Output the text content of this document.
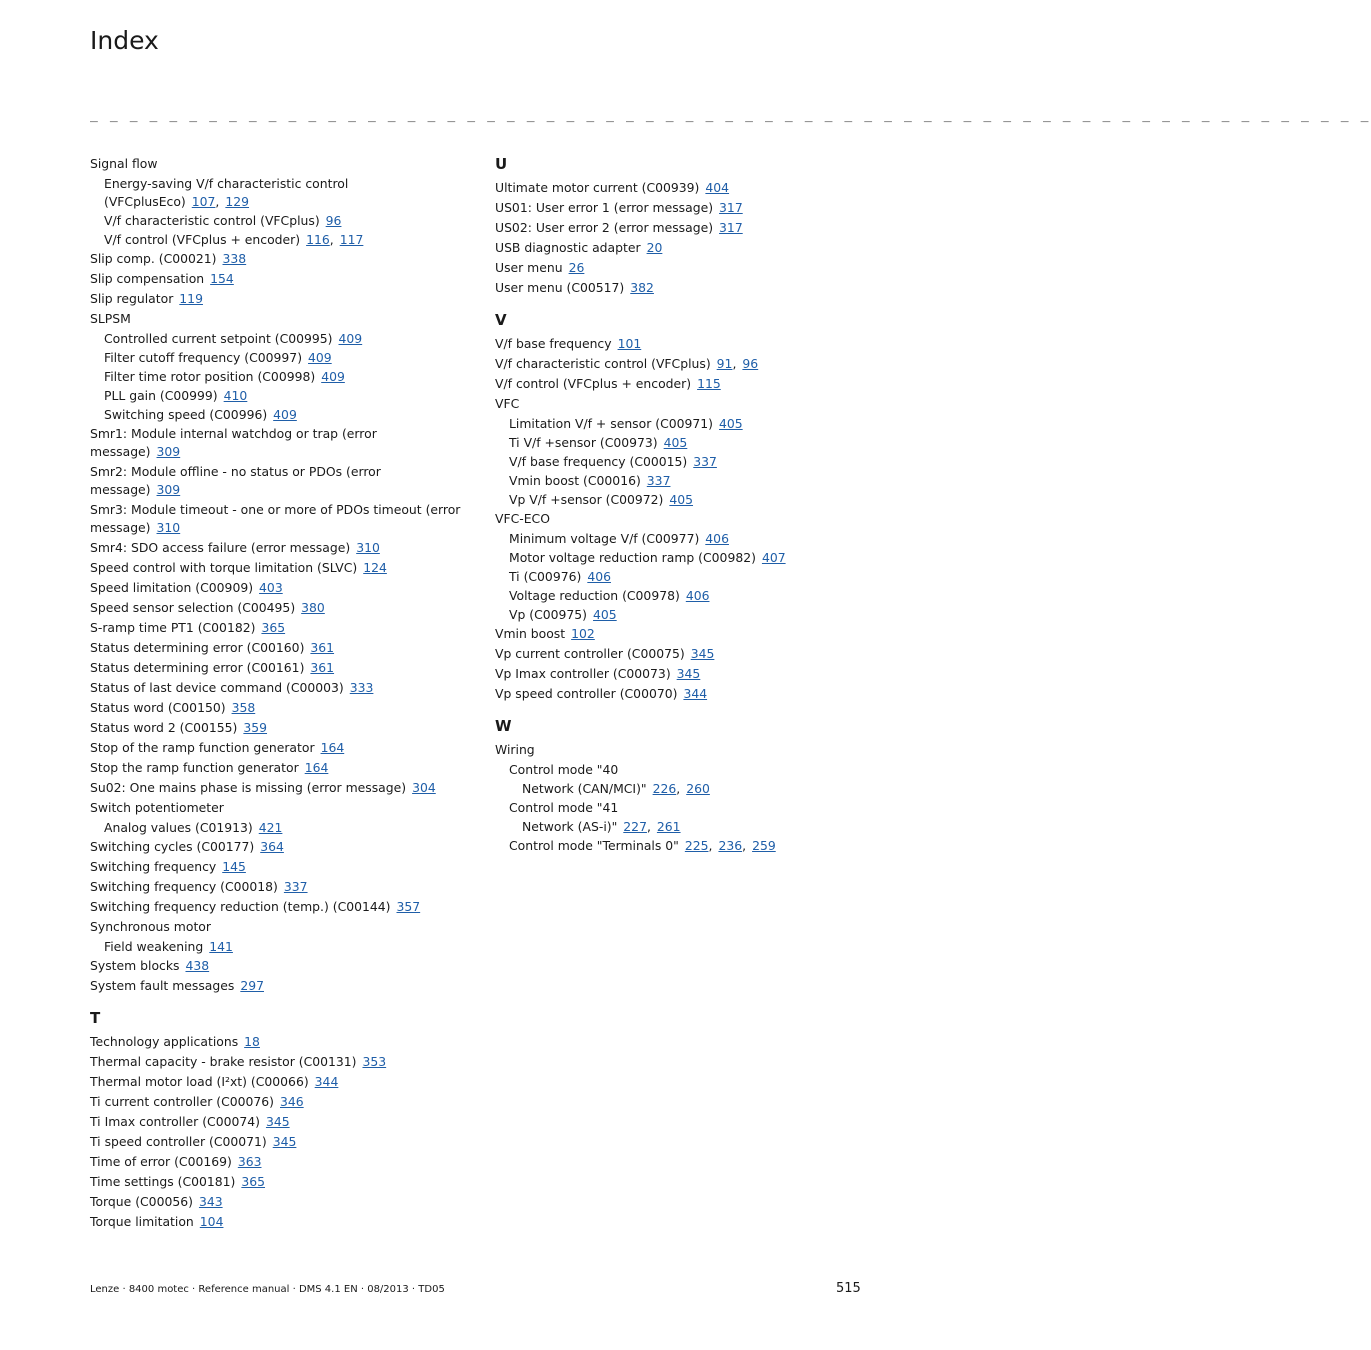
Index
_ _ _ _ _ _ _ _ _ _ _ _ _ _ _ _ _ _ _ _ _ _ _ _ _ _ _ _ _ _ _ _ _ _ _ _ _ _ _ _ _ _ _ _ _ _ _ _ _ _ _ _ _ _ _ _ _ _ _ _ _ _ _ _ _
Signal flow
Energy-saving V/f characteristic control (VFCplusEco) 107, 129
V/f characteristic control (VFCplus) 96
V/f control (VFCplus + encoder) 116, 117
Slip comp. (C00021) 338
Slip compensation 154
Slip regulator 119
SLPSM
Controlled current setpoint (C00995) 409
Filter cutoff frequency (C00997) 409
Filter time rotor position (C00998) 409
PLL gain (C00999) 410
Switching speed (C00996) 409
Smr1: Module internal watchdog or trap (error message) 309
Smr2: Module offline - no status or PDOs (error message) 309
Smr3: Module timeout - one or more of PDOs timeout (error message) 310
Smr4: SDO access failure (error message) 310
Speed control with torque limitation (SLVC) 124
Speed limitation (C00909) 403
Speed sensor selection (C00495) 380
S-ramp time PT1 (C00182) 365
Status determining error (C00160) 361
Status determining error (C00161) 361
Status of last device command (C00003) 333
Status word (C00150) 358
Status word 2 (C00155) 359
Stop of the ramp function generator 164
Stop the ramp function generator 164
Su02: One mains phase is missing (error message) 304
Switch potentiometer
Analog values (C01913) 421
Switching cycles (C00177) 364
Switching frequency 145
Switching frequency (C00018) 337
Switching frequency reduction (temp.) (C00144) 357
Synchronous motor
Field weakening 141
System blocks 438
System fault messages 297
T
Technology applications 18
Thermal capacity - brake resistor (C00131) 353
Thermal motor load (I²xt) (C00066) 344
Ti current controller (C00076) 346
Ti Imax controller (C00074) 345
Ti speed controller (C00071) 345
Time of error (C00169) 363
Time settings (C00181) 365
Torque (C00056) 343
Torque limitation 104
U
Ultimate motor current (C00939) 404
US01: User error 1 (error message) 317
US02: User error 2 (error message) 317
USB diagnostic adapter 20
User menu 26
User menu (C00517) 382
V
V/f base frequency 101
V/f characteristic control (VFCplus) 91, 96
V/f control (VFCplus + encoder) 115
VFC
Limitation V/f + sensor (C00971) 405
Ti V/f +sensor (C00973) 405
V/f base frequency (C00015) 337
Vmin boost (C00016) 337
Vp V/f +sensor (C00972) 405
VFC-ECO
Minimum voltage V/f (C00977) 406
Motor voltage reduction ramp (C00982) 407
Ti (C00976) 406
Voltage reduction (C00978) 406
Vp (C00975) 405
Vmin boost 102
Vp current controller (C00075) 345
Vp Imax controller (C00073) 345
Vp speed controller (C00070) 344
W
Wiring
Control mode "40
Network (CAN/MCI)" 226, 260
Control mode "41
Network (AS-i)" 227, 261
Control mode "Terminals 0" 225, 236, 259
Lenze · 8400 motec · Reference manual · DMS 4.1 EN · 08/2013 · TD05	515
